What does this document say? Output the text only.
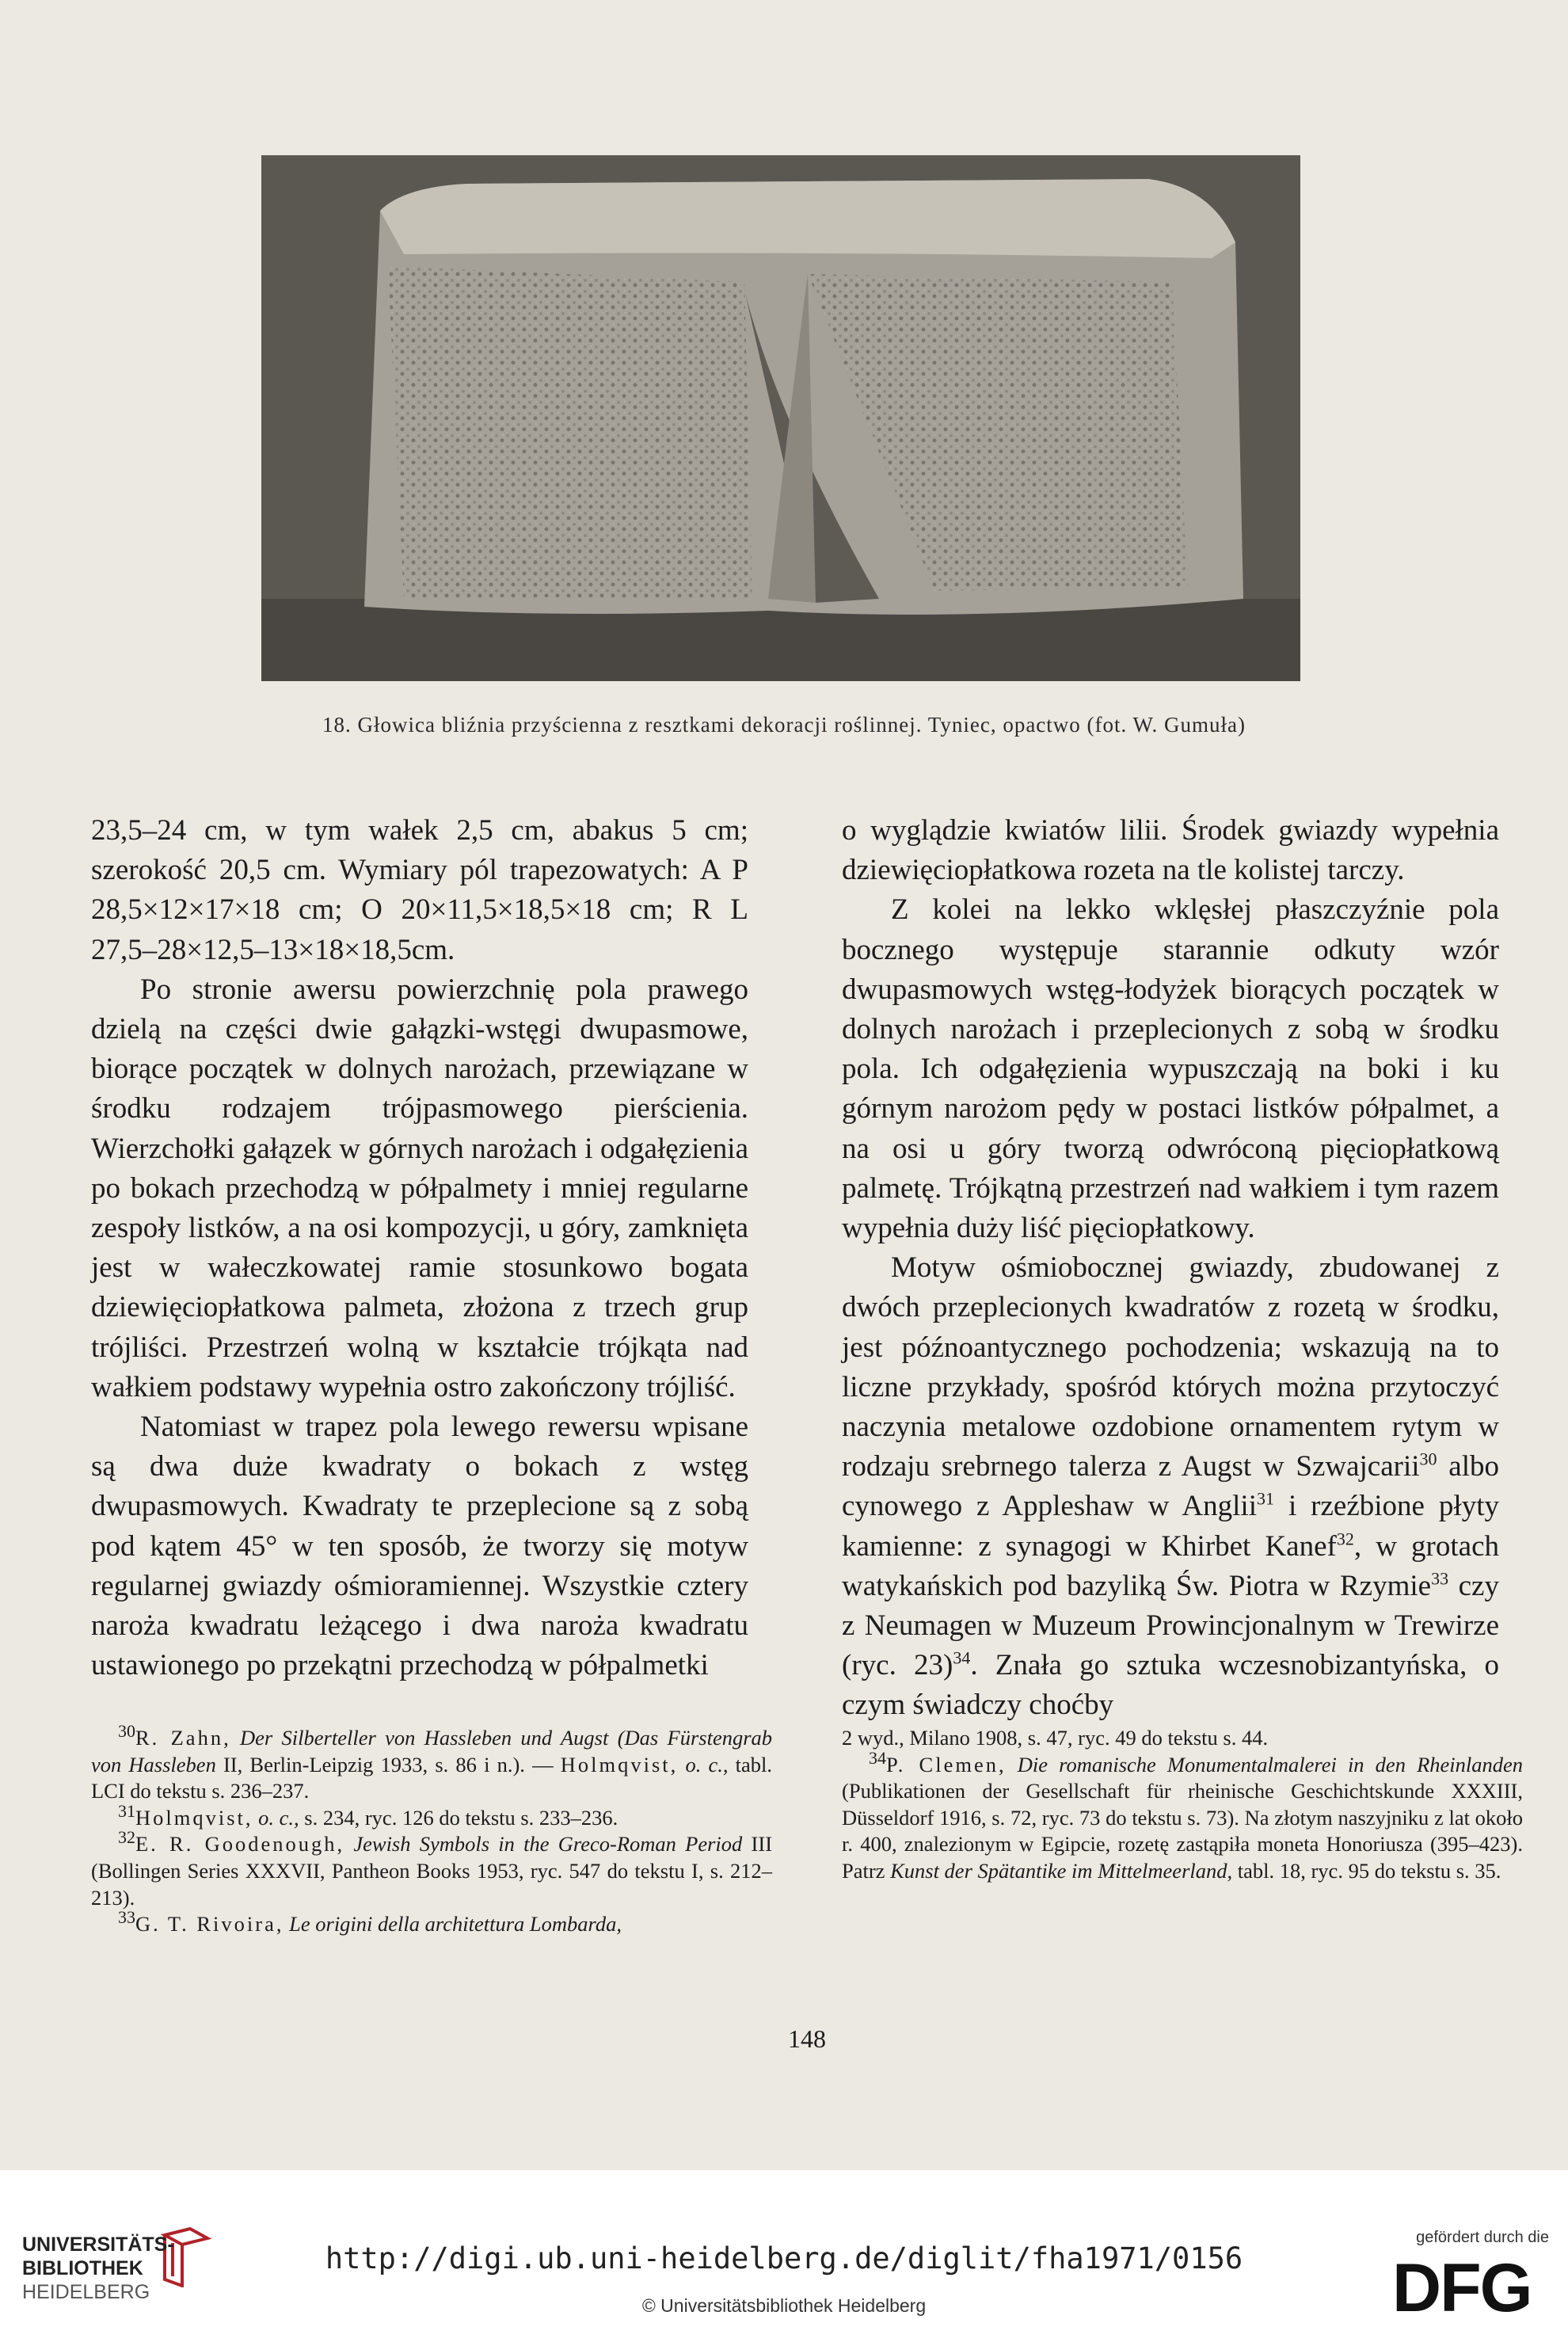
18. Głowica bliźnia przyścienna z resztkami dekoracji roślinnej. Tyniec, opactwo (fot. W. Gumuła)

23,5–24 cm, w tym wałek 2,5 cm, abakus 5 cm; szerokość 20,5 cm. Wymiary pól trapezowatych: A P 28,5×12×17×18 cm; O 20×11,5×18,5×18 cm; R L 27,5–28×12,5–13×18×18,5cm.

Po stronie awersu powierzchnię pola prawego dzielą na części dwie gałązki-wstęgi dwupasmowe, biorące początek w dolnych narożach, przewiązane w środku rodzajem trójpasmowego pierścienia. Wierzchołki gałązek w górnych narożach i odgałęzienia po bokach przechodzą w półpalmety i mniej regularne zespoły listków, a na osi kompozycji, u góry, zamknięta jest w wałeczkowatej ramie stosunkowo bogata dziewięciopłatkowa palmeta, złożona z trzech grup trójliści. Przestrzeń wolną w kształcie trójkąta nad wałkiem podstawy wypełnia ostro zakończony trójliść.

Natomiast w trapez pola lewego rewersu wpisane są dwa duże kwadraty o bokach z wstęg dwupasmowych. Kwadraty te przeplecione są z sobą pod kątem 45° w ten sposób, że tworzy się motyw regularnej gwiazdy ośmioramiennej. Wszystkie cztery naroża kwadratu leżącego i dwa naroża kwadratu ustawionego po przekątni przechodzą w półpalmetki

o wyglądzie kwiatów lilii. Środek gwiazdy wypełnia dziewięciopłatkowa rozeta na tle kolistej tarczy.

Z kolei na lekko wklęsłej płaszczyźnie pola bocznego występuje starannie odkuty wzór dwupasmowych wstęg-łodyżek biorących początek w dolnych narożach i przeplecionych z sobą w środku pola. Ich odgałęzienia wypuszczają na boki i ku górnym narożom pędy w postaci listków półpalmet, a na osi u góry tworzą odwróconą pięciopłatkową palmetę. Trójkątną przestrzeń nad wałkiem i tym razem wypełnia duży liść pięciopłatkowy.

Motyw ośmiobocznej gwiazdy, zbudowanej z dwóch przeplecionych kwadratów z rozetą w środku, jest późnoantycznego pochodzenia; wskazują na to liczne przykłady, spośród których można przytoczyć naczynia metalowe ozdobione ornamentem rytym w rodzaju srebrnego talerza z Augst w Szwajcarii$^{30}$ albo cynowego z Appleshaw w Anglii$^{31}$ i rzeźbione płyty kamienne: z synagogi w Khirbet Kanef$^{32}$, w grotach watykańskich pod bazyliką Św. Piotra w Rzymie$^{33}$ czy z Neumagen w Muzeum Prowincjonalnym w Trewirze (ryc. 23)$^{34}$. Znała go sztuka wczesnobizantyńska, o czym świadczy choćby

$^{30}$R. Zahn, Der Silberteller von Hassleben und Augst (Das Fürstengrab von Hassleben II, Berlin-Leipzig 1933, s. 86 i n.). — Holmqvist, o. c., tabl. LCI do tekstu s. 236–237.

$^{31}$Holmqvist, o. c., s. 234, ryc. 126 do tekstu s. 233–236.

$^{32}$E. R. Goodenough, Jewish Symbols in the Greco-Roman Period III (Bollingen Series XXXVII, Pantheon Books 1953, ryc. 547 do tekstu I, s. 212–213).

$^{33}$G. T. Rivoira, Le origini della architettura Lombarda,

2 wyd., Milano 1908, s. 47, ryc. 49 do tekstu s. 44.

$^{34}$P. Clemen, Die romanische Monumentalmalerei in den Rheinlanden (Publikationen der Gesellschaft für rheinische Geschichtskunde XXXIII, Düsseldorf 1916, s. 72, ryc. 73 do tekstu s. 73). Na złotym naszyjniku z lat około r. 400, znalezionym w Egipcie, rozetę zastąpiła moneta Honoriusza (395–423). Patrz Kunst der Spätantike im Mittelmeerland, tabl. 18, ryc. 95 do tekstu s. 35.

148
UNIVERSITÄTS-
BIBLIOTHEK
HEIDELBERG
http://digi.ub.uni-heidelberg.de/diglit/fha1971/0156
© Universitätsbibliothek Heidelberg
gefördert durch die
DFG
